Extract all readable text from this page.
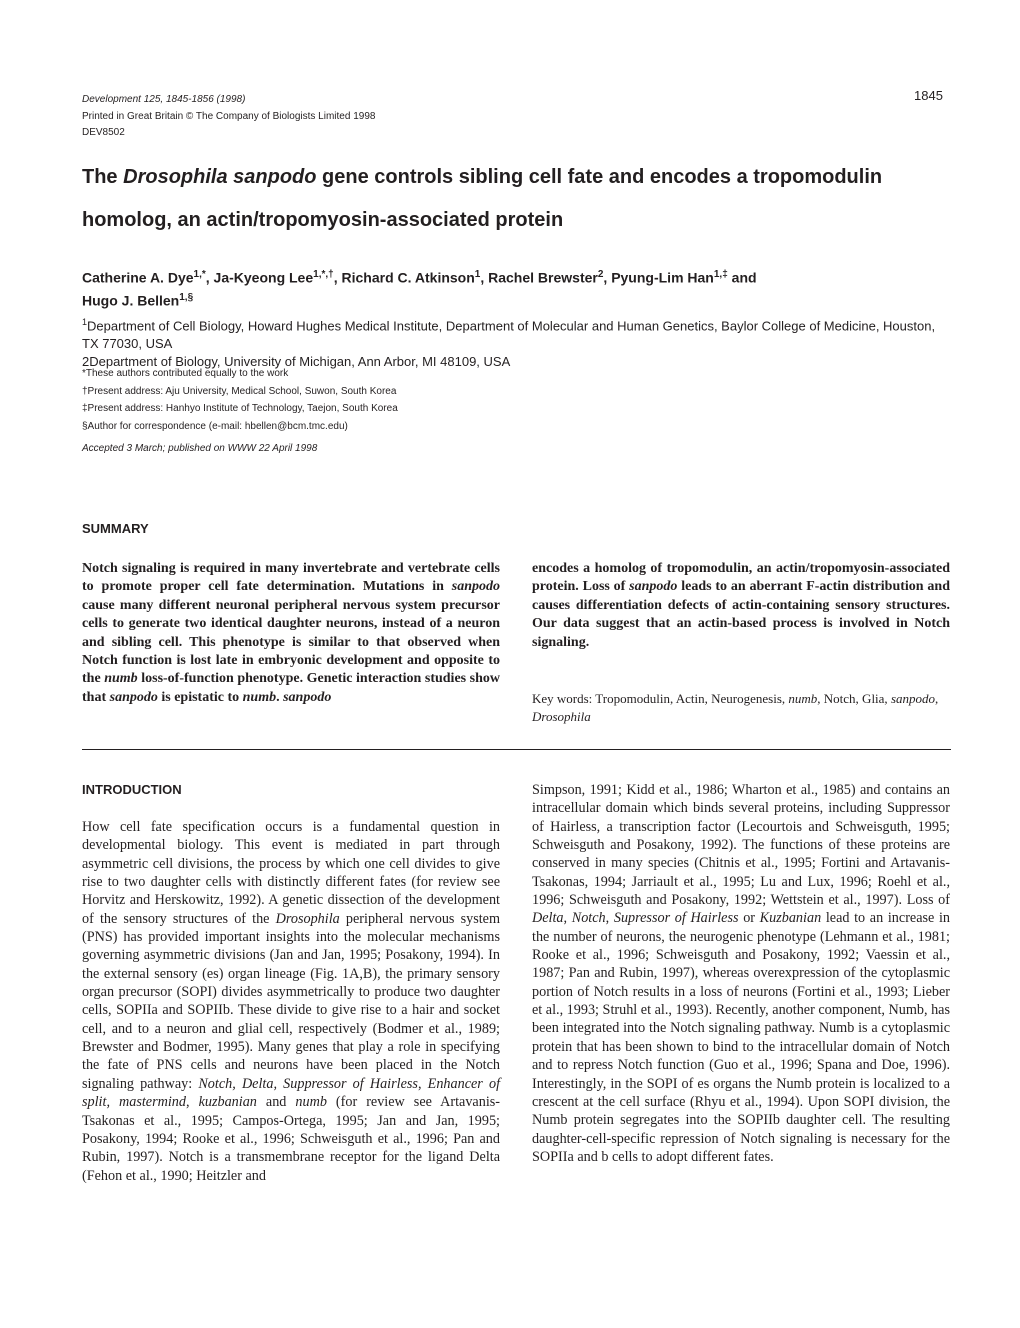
Development 125, 1845-1856 (1998)
Printed in Great Britain © The Company of Biologists Limited 1998
DEV8502
1845
The Drosophila sanpodo gene controls sibling cell fate and encodes a tropomodulin homolog, an actin/tropomyosin-associated protein
Catherine A. Dye$^{1,*}$, Ja-Kyeong Lee$^{1,*,\dagger}$, Richard C. Atkinson$^1$, Rachel Brewster$^2$, Pyung-Lim Han$^{1,\ddagger}$ and
Hugo J. Bellen$^{1,\S}$
$^1$Department of Cell Biology, Howard Hughes Medical Institute, Department of Molecular and Human Genetics, Baylor College of Medicine, Houston, TX 77030, USA
2Department of Biology, University of Michigan, Ann Arbor, MI 48109, USA
*These authors contributed equally to the work
†Present address: Aju University, Medical School, Suwon, South Korea
‡Present address: Hanhyo Institute of Technology, Taejon, South Korea
§Author for correspondence (e-mail: hbellen@bcm.tmc.edu)
Accepted 3 March; published on WWW 22 April 1998
SUMMARY
Notch signaling is required in many invertebrate and vertebrate cells to promote proper cell fate determination. Mutations in sanpodo cause many different neuronal peripheral nervous system precursor cells to generate two identical daughter neurons, instead of a neuron and sibling cell. This phenotype is similar to that observed when Notch function is lost late in embryonic development and opposite to the numb loss-of-function phenotype. Genetic interaction studies show that sanpodo is epistatic to numb. sanpodo
encodes a homolog of tropomodulin, an actin/tropomyosin-associated protein. Loss of sanpodo leads to an aberrant F-actin distribution and causes differentiation defects of actin-containing sensory structures. Our data suggest that an actin-based process is involved in Notch signaling.
Key words: Tropomodulin, Actin, Neurogenesis, numb, Notch, Glia, sanpodo, Drosophila
INTRODUCTION
How cell fate specification occurs is a fundamental question in developmental biology. This event is mediated in part through asymmetric cell divisions, the process by which one cell divides to give rise to two daughter cells with distinctly different fates (for review see Horvitz and Herskowitz, 1992). A genetic dissection of the development of the sensory structures of the Drosophila peripheral nervous system (PNS) has provided important insights into the molecular mechanisms governing asymmetric divisions (Jan and Jan, 1995; Posakony, 1994). In the external sensory (es) organ lineage (Fig. 1A,B), the primary sensory organ precursor (SOPI) divides asymmetrically to produce two daughter cells, SOPIIa and SOPIIb. These divide to give rise to a hair and socket cell, and to a neuron and glial cell, respectively (Bodmer et al., 1989; Brewster and Bodmer, 1995). Many genes that play a role in specifying the fate of PNS cells and neurons have been placed in the Notch signaling pathway: Notch, Delta, Suppressor of Hairless, Enhancer of split, mastermind, kuzbanian and numb (for review see Artavanis-Tsakonas et al., 1995; Campos-Ortega, 1995; Jan and Jan, 1995; Posakony, 1994; Rooke et al., 1996; Schweisguth et al., 1996; Pan and Rubin, 1997). Notch is a transmembrane receptor for the ligand Delta (Fehon et al., 1990; Heitzler and
Simpson, 1991; Kidd et al., 1986; Wharton et al., 1985) and contains an intracellular domain which binds several proteins, including Suppressor of Hairless, a transcription factor (Lecourtois and Schweisguth, 1995; Schweisguth and Posakony, 1992). The functions of these proteins are conserved in many species (Chitnis et al., 1995; Fortini and Artavanis-Tsakonas, 1994; Jarriault et al., 1995; Lu and Lux, 1996; Roehl et al., 1996; Schweisguth and Posakony, 1992; Wettstein et al., 1997). Loss of Delta, Notch, Supressor of Hairless or Kuzbanian lead to an increase in the number of neurons, the neurogenic phenotype (Lehmann et al., 1981; Rooke et al., 1996; Schweisguth and Posakony, 1992; Vaessin et al., 1987; Pan and Rubin, 1997), whereas overexpression of the cytoplasmic portion of Notch results in a loss of neurons (Fortini et al., 1993; Lieber et al., 1993; Struhl et al., 1993). Recently, another component, Numb, has been integrated into the Notch signaling pathway. Numb is a cytoplasmic protein that has been shown to bind to the intracellular domain of Notch and to repress Notch function (Guo et al., 1996; Spana and Doe, 1996). Interestingly, in the SOPI of es organs the Numb protein is localized to a crescent at the cell surface (Rhyu et al., 1994). Upon SOPI division, the Numb protein segregates into the SOPIIb daughter cell. The resulting daughter-cell-specific repression of Notch signaling is necessary for the SOPIIa and b cells to adopt different fates.
